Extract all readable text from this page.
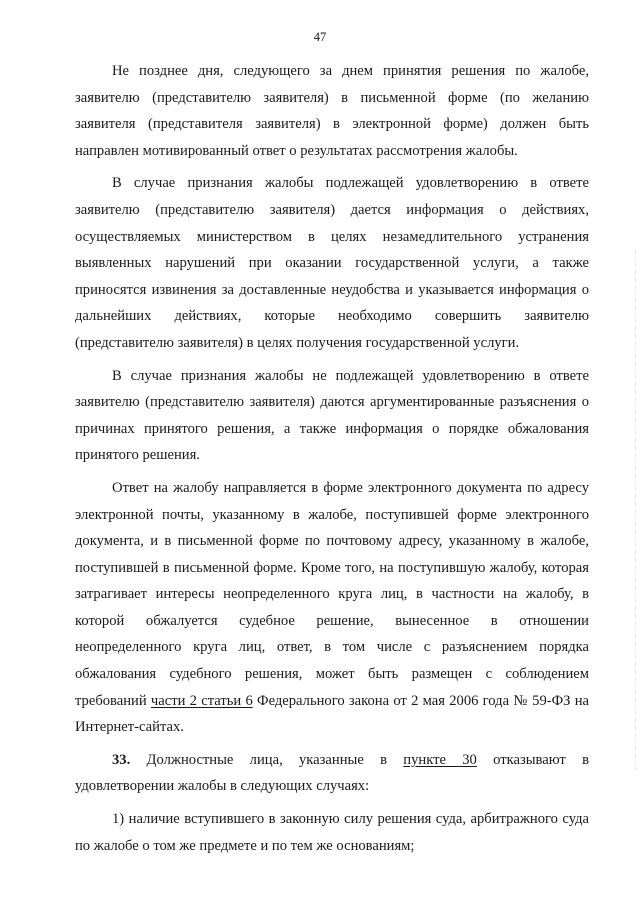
47

Не позднее дня, следующего за днем принятия решения по жалобе, заявителю (представителю заявителя) в письменной форме (по желанию заявителя (представителя заявителя) в электронной форме) должен быть направлен мотивированный ответ о результатах рассмотрения жалобы.

В случае признания жалобы подлежащей удовлетворению в ответе заявителю (представителю заявителя) дается информация о действиях, осуществляемых министерством в целях незамедлительного устранения выявленных нарушений при оказании государственной услуги, а также приносятся извинения за доставленные неудобства и указывается информация о дальнейших действиях, которые необходимо совершить заявителю (представителю заявителя) в целях получения государственной услуги.

В случае признания жалобы не подлежащей удовлетворению в ответе заявителю (представителю заявителя) даются аргументированные разъяснения о причинах принятого решения, а также информация о порядке обжалования принятого решения.

Ответ на жалобу направляется в форме электронного документа по адресу электронной почты, указанному в жалобе, поступившей форме электронного документа, и в письменной форме по почтовому адресу, указанному в жалобе, поступившей в письменной форме. Кроме того, на поступившую жалобу, которая затрагивает интересы неопределенного круга лиц, в частности на жалобу, в которой обжалуется судебное решение, вынесенное в отношении неопределенного круга лиц, ответ, в том числе с разъяснением порядка обжалования судебного решения, может быть размещен с соблюдением требований части 2 статьи 6 Федерального закона от 2 мая 2006 года № 59-ФЗ на Интернет-сайтах.

33. Должностные лица, указанные в пункте 30 отказывают в удовлетворении жалобы в следующих случаях:

1) наличие вступившего в законную силу решения суда, арбитражного суда по жалобе о том же предмете и по тем же основаниям;
